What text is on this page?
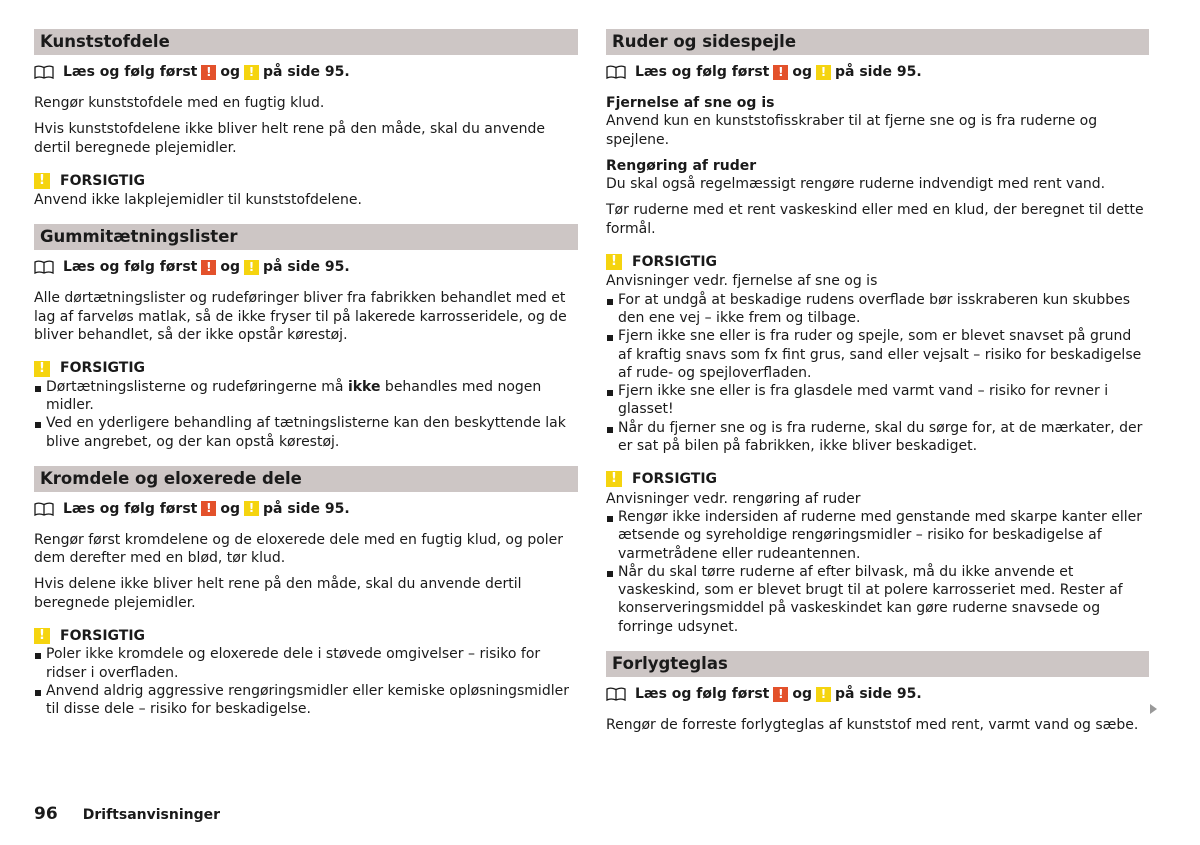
Kunststofdele
Læs og følg først ! og ! på side 95.
Rengør kunststofdele med en fugtig klud.
Hvis kunststofdelene ikke bliver helt rene på den måde, skal du anvende dertil beregnede plejemidler.
!	FORSIGTIG
Anvend ikke lakplejemidler til kunststofdelene.
Gummitætningslister
Læs og følg først ! og ! på side 95.
Alle dørtætningslister og rudeføringer bliver fra fabrikken behandlet med et lag af farveløs matlak, så de ikke fryser til på lakerede karrosseridele, og de bliver behandlet, så der ikke opstår kørestøj.
!	FORSIGTIG
Dørtætningslisterne og rudeføringerne må ikke behandles med nogen midler.
Ved en yderligere behandling af tætningslisterne kan den beskyttende lak blive angrebet, og der kan opstå kørestøj.
Kromdele og eloxerede dele
Læs og følg først ! og ! på side 95.
Rengør først kromdelene og de eloxerede dele med en fugtig klud, og poler dem derefter med en blød, tør klud.
Hvis delene ikke bliver helt rene på den måde, skal du anvende dertil beregnede plejemidler.
!	FORSIGTIG
Poler ikke kromdele og eloxerede dele i støvede omgivelser – risiko for ridser i overfladen.
Anvend aldrig aggressive rengøringsmidler eller kemiske opløsningsmidler til disse dele – risiko for beskadigelse.
Ruder og sidespejle
Læs og følg først ! og ! på side 95.
Fjernelse af sne og is
Anvend kun en kunststofisskraber til at fjerne sne og is fra ruderne og spejlene.
Rengøring af ruder
Du skal også regelmæssigt rengøre ruderne indvendigt med rent vand.
Tør ruderne med et rent vaskeskind eller med en klud, der beregnet til dette formål.
!	FORSIGTIG
Anvisninger vedr. fjernelse af sne og is
For at undgå at beskadige rudens overflade bør isskraberen kun skubbes den ene vej – ikke frem og tilbage.
Fjern ikke sne eller is fra ruder og spejle, som er blevet snavset på grund af kraftig snavs som fx fint grus, sand eller vejsalt – risiko for beskadigelse af rude- og spejloverfladen.
Fjern ikke sne eller is fra glasdele med varmt vand – risiko for revner i glasset!
Når du fjerner sne og is fra ruderne, skal du sørge for, at de mærkater, der er sat på bilen på fabrikken, ikke bliver beskadiget.
!	FORSIGTIG
Anvisninger vedr. rengøring af ruder
Rengør ikke indersiden af ruderne med genstande med skarpe kanter eller ætsende og syreholdige rengøringsmidler – risiko for beskadigelse af varmetrådene eller rudeantennen.
Når du skal tørre ruderne af efter bilvask, må du ikke anvende et vaskeskind, som er blevet brugt til at polere karrosseriet med. Rester af konserveringsmiddel på vaskeskindet kan gøre ruderne snavsede og forringe udsynet.
Forlygteglas
Læs og følg først ! og ! på side 95.
Rengør de forreste forlygteglas af kunststof med rent, varmt vand og sæbe.
96 Driftsanvisninger
